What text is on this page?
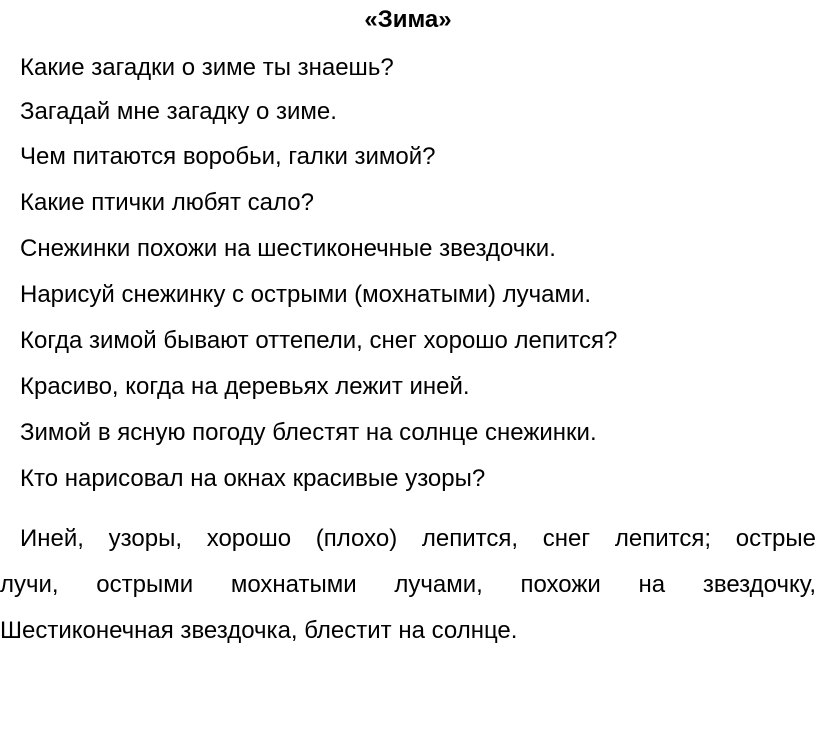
«Зима»
Какие загадки о зиме ты знаешь?
Загадай мне загадку о зиме.
Чем питаются воробьи, галки зимой?
Какие птички любят сало?
Снежинки похожи на шестиконечные звездочки.
Нарисуй снежинку с острыми (мохнатыми) лучами.
Когда зимой бывают оттепели, снег хорошо лепится?
Красиво, когда на деревьях лежит иней.
Зимой в ясную погоду блестят на солнце снежинки.
Кто нарисовал на окнах красивые узоры?
Иней, узоры, хорошо (плохо) лепится, снег лепится; острые
лучи, острыми мохнатыми лучами, похожи на звездочку,
Шестиконечная звездочка, блестит на солнце.
